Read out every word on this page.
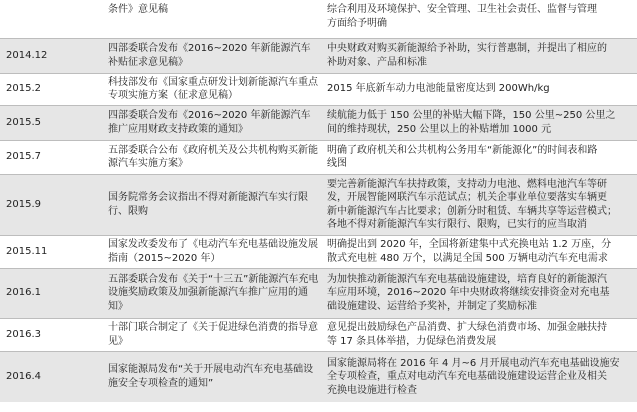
	条件》意见稿	综合利用及环境保护、安全管理、卫生社会责任、监督与管理
方面给予明确

2014.12	四部委联合发布《2016~2020 年新能源汽车补贴征求意见稿》	中央财政对购买新能源给予补助，实行普惠制，并提出了相应的
补助对象、产品和标准

2015.2	科技部发布《国家重点研发计划新能源汽车重点专项实施方案（征求意见稿）	2015 年底新车动力电池能量密度达到 200Wh/kg

2015.5	四部委联合发布《2016~2020 年新能源汽车推广应用财政支持政策的通知》	续航能力低于 150 公里的补贴大幅下降，150 公里~250 公里之
间的维持现状，250 公里以上的补贴增加 1000 元

2015.7	五部委联合公布《政府机关及公共机构购买新能源汽车实施方案》	明确了政府机关和公共机构公务用车“新能源化”的时间表和路
线图

2015.9	国务院常务会议指出不得对新能源汽车实行限行、限购	要完善新能源汽车扶持政策，支持动力电池、燃料电池汽车等研
发，开展智能网联汽车示范试点；机关企事业单位要落实车辆更
新中新能源汽车占比要求；创新分时租赁、车辆共享等运营模式；
各地不得对新能源汽车实行限行、限购，已实行的应当取消

2015.11	国家发改委发布了《电动汽车充电基础设施发展指南（2015~2020 年）	明确提出到 2020 年，全国将新建集中式充换电站 1.2 万座，分
散式充电桩 480 万个，以满足全国 500 万辆电动汽车充电需求

2016.1	五部委联合发布《关于“十三五”新能源汽车充电设施奖励政策及加强新能源汽车推广应用的通知》	为加快推动新能源汽车充电基础设施建设，培育良好的新能源汽
车应用环境，2016~2020 年中央财政将继续安排资金对充电基
础设施建设、运营给予奖补，并制定了奖励标准

2016.3	十部门联合制定了《关于促进绿色消费的指导意见》	意见提出鼓励绿色产品消费、扩大绿色消费市场、加强金融扶持
等 17 条具体举措，力促绿色消费发展

2016.4	国家能源局发布“关于开展电动汽车充电基础设施安全专项检查的通知”	国家能源局将在 2016 年 4 月~6 月开展电动汽车充电基础设施安
全专项检查，重点对电动汽车充电基础设施建设运营企业及相关
充换电设施进行检查
